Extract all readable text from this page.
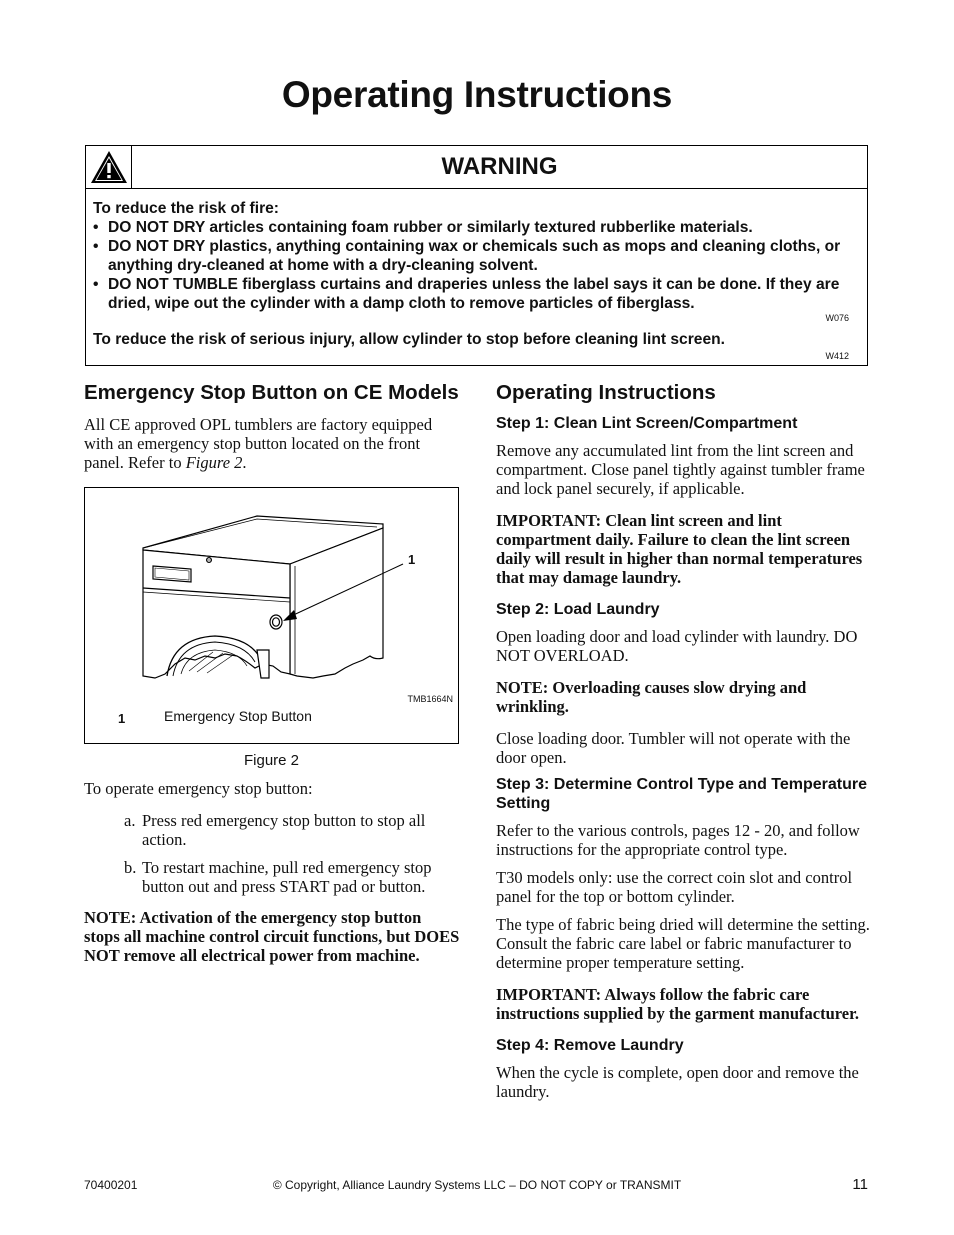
Operating Instructions
WARNING
To reduce the risk of fire:
• DO NOT DRY articles containing foam rubber or similarly textured rubberlike materials.
• DO NOT DRY plastics, anything containing wax or chemicals such as mops and cleaning cloths, or anything dry-cleaned at home with a dry-cleaning solvent.
• DO NOT TUMBLE fiberglass curtains and draperies unless the label says it can be done. If they are dried, wipe out the cylinder with a damp cloth to remove particles of fiberglass.
W076
To reduce the risk of serious injury, allow cylinder to stop before cleaning lint screen.
W412
Emergency Stop Button on CE Models

All CE approved OPL tumblers are factory equipped with an emergency stop button located on the front panel. Refer to Figure 2.

1
TMB1664N
1	Emergency Stop Button
Figure 2

To operate emergency stop button:

a. Press red emergency stop button to stop all action.
b. To restart machine, pull red emergency stop button out and press START pad or button.

NOTE: Activation of the emergency stop button stops all machine control circuit functions, but DOES NOT remove all electrical power from machine.

Operating Instructions
Step 1: Clean Lint Screen/Compartment

Remove any accumulated lint from the lint screen and compartment. Close panel tightly against tumbler frame and lock panel securely, if applicable.

IMPORTANT: Clean lint screen and lint compartment daily. Failure to clean the lint screen daily will result in higher than normal temperatures that may damage laundry.

Step 2: Load Laundry

Open loading door and load cylinder with laundry. DO NOT OVERLOAD.

NOTE: Overloading causes slow drying and wrinkling.

Close loading door. Tumbler will not operate with the door open.

Step 3: Determine Control Type and Temperature Setting

Refer to the various controls, pages 12 - 20, and follow instructions for the appropriate control type.

T30 models only: use the correct coin slot and control panel for the top or bottom cylinder.

The type of fabric being dried will determine the setting. Consult the fabric care label or fabric manufacturer to determine proper temperature setting.

IMPORTANT: Always follow the fabric care instructions supplied by the garment manufacturer.

Step 4: Remove Laundry

When the cycle is complete, open door and remove the laundry.

70400201	© Copyright, Alliance Laundry Systems LLC – DO NOT COPY or TRANSMIT	11
